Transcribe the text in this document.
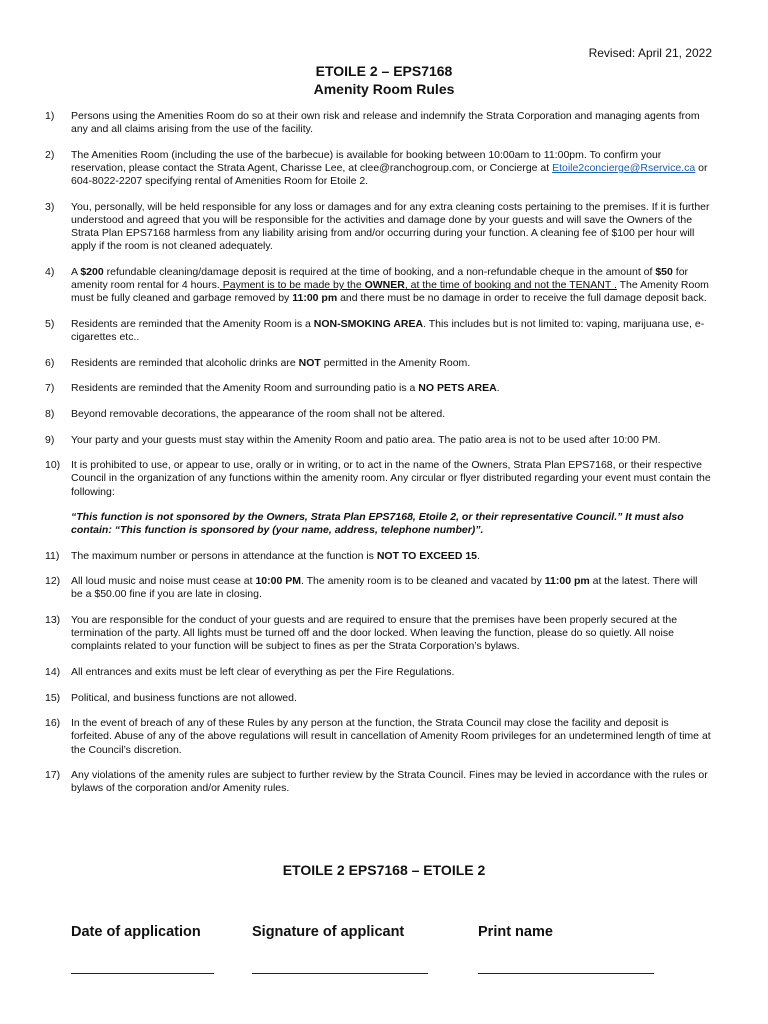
Revised: April 21, 2022
ETOILE 2 – EPS7168
Amenity Room Rules
1)	Persons using the Amenities Room do so at their own risk and release and indemnify the Strata Corporation and managing agents from any and all claims arising from the use of the facility.

2)	The Amenities Room (including the use of the barbecue) is available for booking between 10:00am to 11:00pm. To confirm your reservation, please contact the Strata Agent, Charisse Lee, at clee@ranchogroup.com, or Concierge at Etoile2concierge@Rservice.ca or 604-8022-2207 specifying rental of Amenities Room for Etoile 2.

3)	You, personally, will be held responsible for any loss or damages and for any extra cleaning costs pertaining to the premises. If it is further understood and agreed that you will be responsible for the activities and damage done by your guests and will save the Owners of the Strata Plan EPS7168 harmless from any liability arising from and/or occurring during your function. A cleaning fee of $100 per hour will apply if the room is not cleaned adequately.

4)	A $200 refundable cleaning/damage deposit is required at the time of booking, and a non-refundable cheque in the amount of $50 for amenity room rental for 4 hours. Payment is to be made by the OWNER, at the time of booking and not the TENANT . The Amenity Room must be fully cleaned and garbage removed by 11:00 pm and there must be no damage in order to receive the full damage deposit back.

5)	Residents are reminded that the Amenity Room is a NON-SMOKING AREA. This includes but is not limited to: vaping, marijuana use, e-cigarettes etc..

6)	Residents are reminded that alcoholic drinks are NOT permitted in the Amenity Room.

7)	Residents are reminded that the Amenity Room and surrounding patio is a NO PETS AREA.

8)	Beyond removable decorations, the appearance of the room shall not be altered.

9)	Your party and your guests must stay within the Amenity Room and patio area. The patio area is not to be used after 10:00 PM.

10)	It is prohibited to use, or appear to use, orally or in writing, or to act in the name of the Owners, Strata Plan EPS7168, or their respective Council in the organization of any functions within the amenity room. Any circular or flyer distributed regarding your event must contain the following:

“This function is not sponsored by the Owners, Strata Plan EPS7168, Etoile 2, or their representative Council.” It must also contain: “This function is sponsored by (your name, address, telephone number)”.

11)	The maximum number or persons in attendance at the function is NOT TO EXCEED 15.

12)	All loud music and noise must cease at 10:00 PM. The amenity room is to be cleaned and vacated by 11:00 pm at the latest. There will be a $50.00 fine if you are late in closing.

13)	You are responsible for the conduct of your guests and are required to ensure that the premises have been properly secured at the termination of the party. All lights must be turned off and the door locked. When leaving the function, please do so quietly. All noise complaints related to your function will be subject to fines as per the Strata Corporation’s bylaws.

14)	All entrances and exits must be left clear of everything as per the Fire Regulations.

15)	Political, and business functions are not allowed.

16)	In the event of breach of any of these Rules by any person at the function, the Strata Council may close the facility and deposit is forfeited. Abuse of any of the above regulations will result in cancellation of Amenity Room privileges for an undetermined length of time at the Council’s discretion.

17)	Any violations of the amenity rules are subject to further review by the Strata Council. Fines may be levied in accordance with the rules or bylaws of the corporation and/or Amenity rules.

ETOILE 2 EPS7168 – ETOILE 2
Date of application	Signature of applicant	Print name
